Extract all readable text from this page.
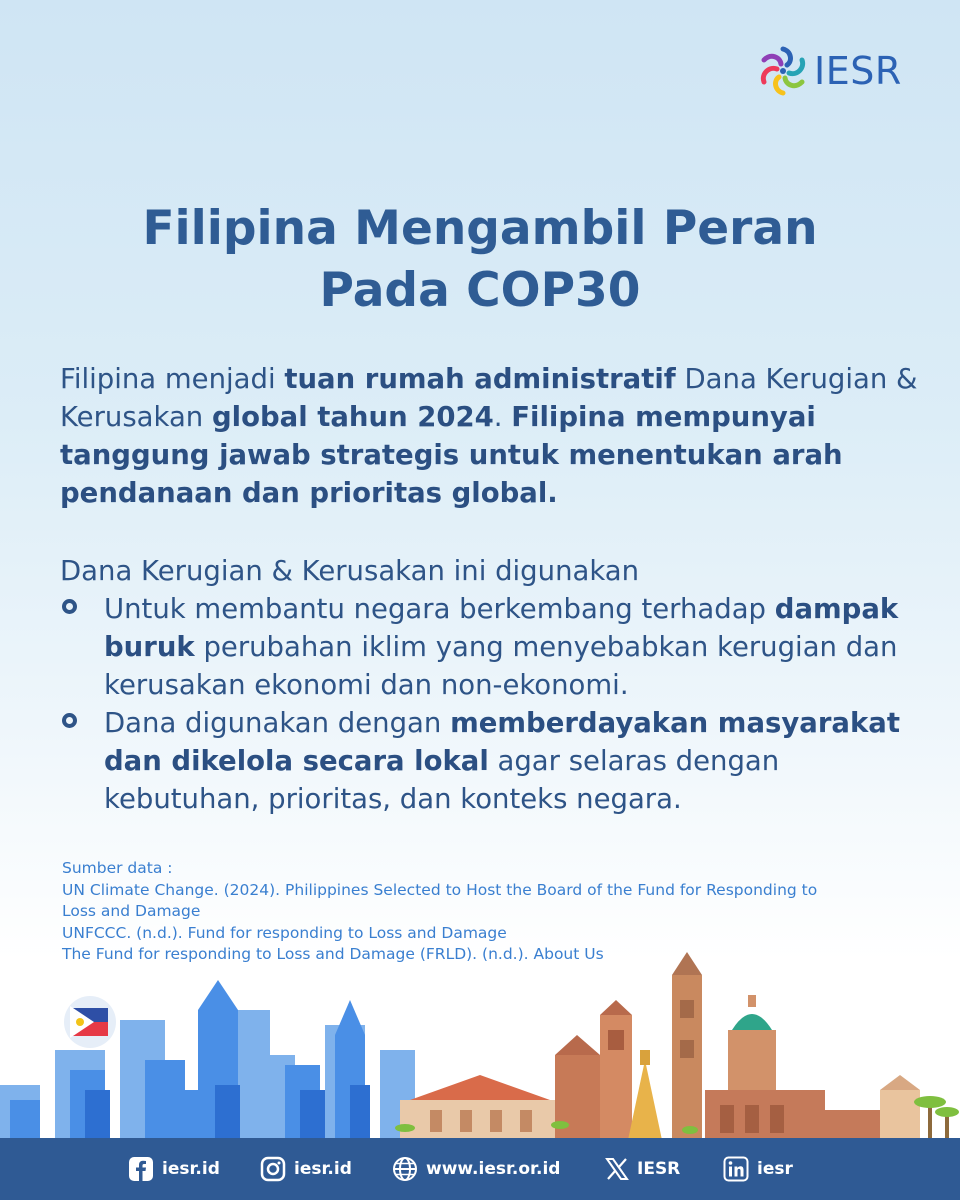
IESR
Filipina Mengambil Peran
Pada COP30

Filipina menjadi tuan rumah administratif Dana Kerugian & Kerusakan global tahun 2024. Filipina mempunyai tanggung jawab strategis untuk menentukan arah pendanaan dan prioritas global.

Dana Kerugian & Kerusakan ini digunakan

Untuk membantu negara berkembang terhadap dampak buruk perubahan iklim yang menyebabkan kerugian dan kerusakan ekonomi dan non-ekonomi.
Dana digunakan dengan memberdayakan masyarakat dan dikelola secara lokal agar selaras dengan kebutuhan, prioritas, dan konteks negara.
Sumber data :
UN Climate Change. (2024). Philippines Selected to Host the Board of the Fund for Responding to Loss and Damage
UNFCCC. (n.d.). Fund for responding to Loss and Damage
The Fund for responding to Loss and Damage (FRLD). (n.d.). About Us
iesr.id	iesr.id	www.iesr.or.id	IESR	iesr
